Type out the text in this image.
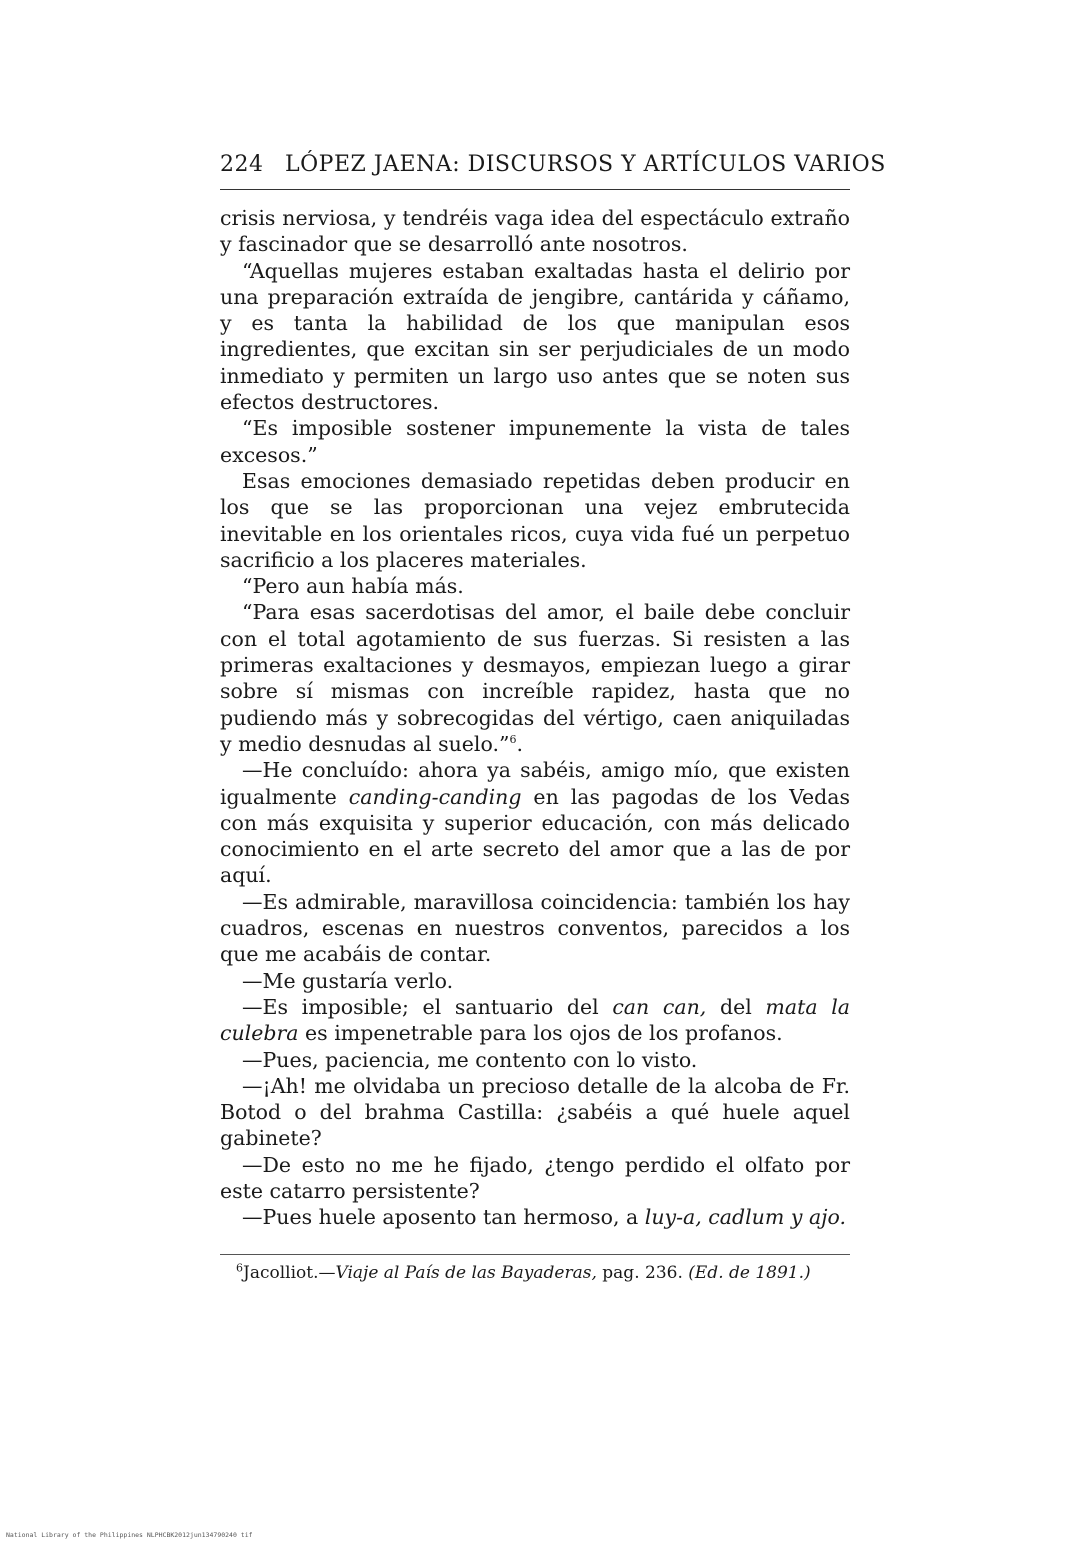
224 LÓPEZ JAENA: DISCURSOS Y ARTÍCULOS VARIOS

crisis nerviosa, y tendréis vaga idea del espectáculo extraño y fascinador que se desarrolló ante nosotros.

“Aquellas mujeres estaban exaltadas hasta el delirio por una preparación extraída de jengibre, cantárida y cáñamo, y es tanta la habilidad de los que manipulan esos ingredientes, que excitan sin ser perjudiciales de un modo inmediato y permiten un largo uso antes que se noten sus efectos destructores.

“Es imposible sostener impunemente la vista de tales excesos.”

Esas emociones demasiado repetidas deben producir en los que se las proporcionan una vejez embrutecida inevitable en los orientales ricos, cuya vida fué un perpetuo sacrificio a los placeres materiales.

“Pero aun había más.

“Para esas sacerdotisas del amor, el baile debe concluir con el total agotamiento de sus fuerzas. Si resisten a las primeras exaltaciones y desmayos, empiezan luego a girar sobre sí mismas con increíble rapidez, hasta que no pudiendo más y sobrecogidas del vértigo, caen aniquiladas y medio desnudas al suelo.”$^6$.

—He concluído: ahora ya sabéis, amigo mío, que existen igualmente canding-canding en las pagodas de los Vedas con más exquisita y superior educación, con más delicado conocimiento en el arte secreto del amor que a las de por aquí.

—Es admirable, maravillosa coincidencia: también los hay cuadros, escenas en nuestros conventos, parecidos a los que me acabáis de contar.

—Me gustaría verlo.

—Es imposible; el santuario del can can, del mata la culebra es impenetrable para los ojos de los profanos.

—Pues, paciencia, me contento con lo visto.

—¡Ah! me olvidaba un precioso detalle de la alcoba de Fr. Botod o del brahma Castilla: ¿sabéis a qué huele aquel gabinete?

—De esto no me he fijado, ¿tengo perdido el olfato por este catarro persistente?

—Pues huele aposento tan hermoso, a luy-a, cadlum y ajo.

$^6$Jacolliot.—Viaje al País de las Bayaderas, pag. 236. (Ed. de 1891.)
National Library of the Philippines NLPHCBK2012jun134790240 tif
